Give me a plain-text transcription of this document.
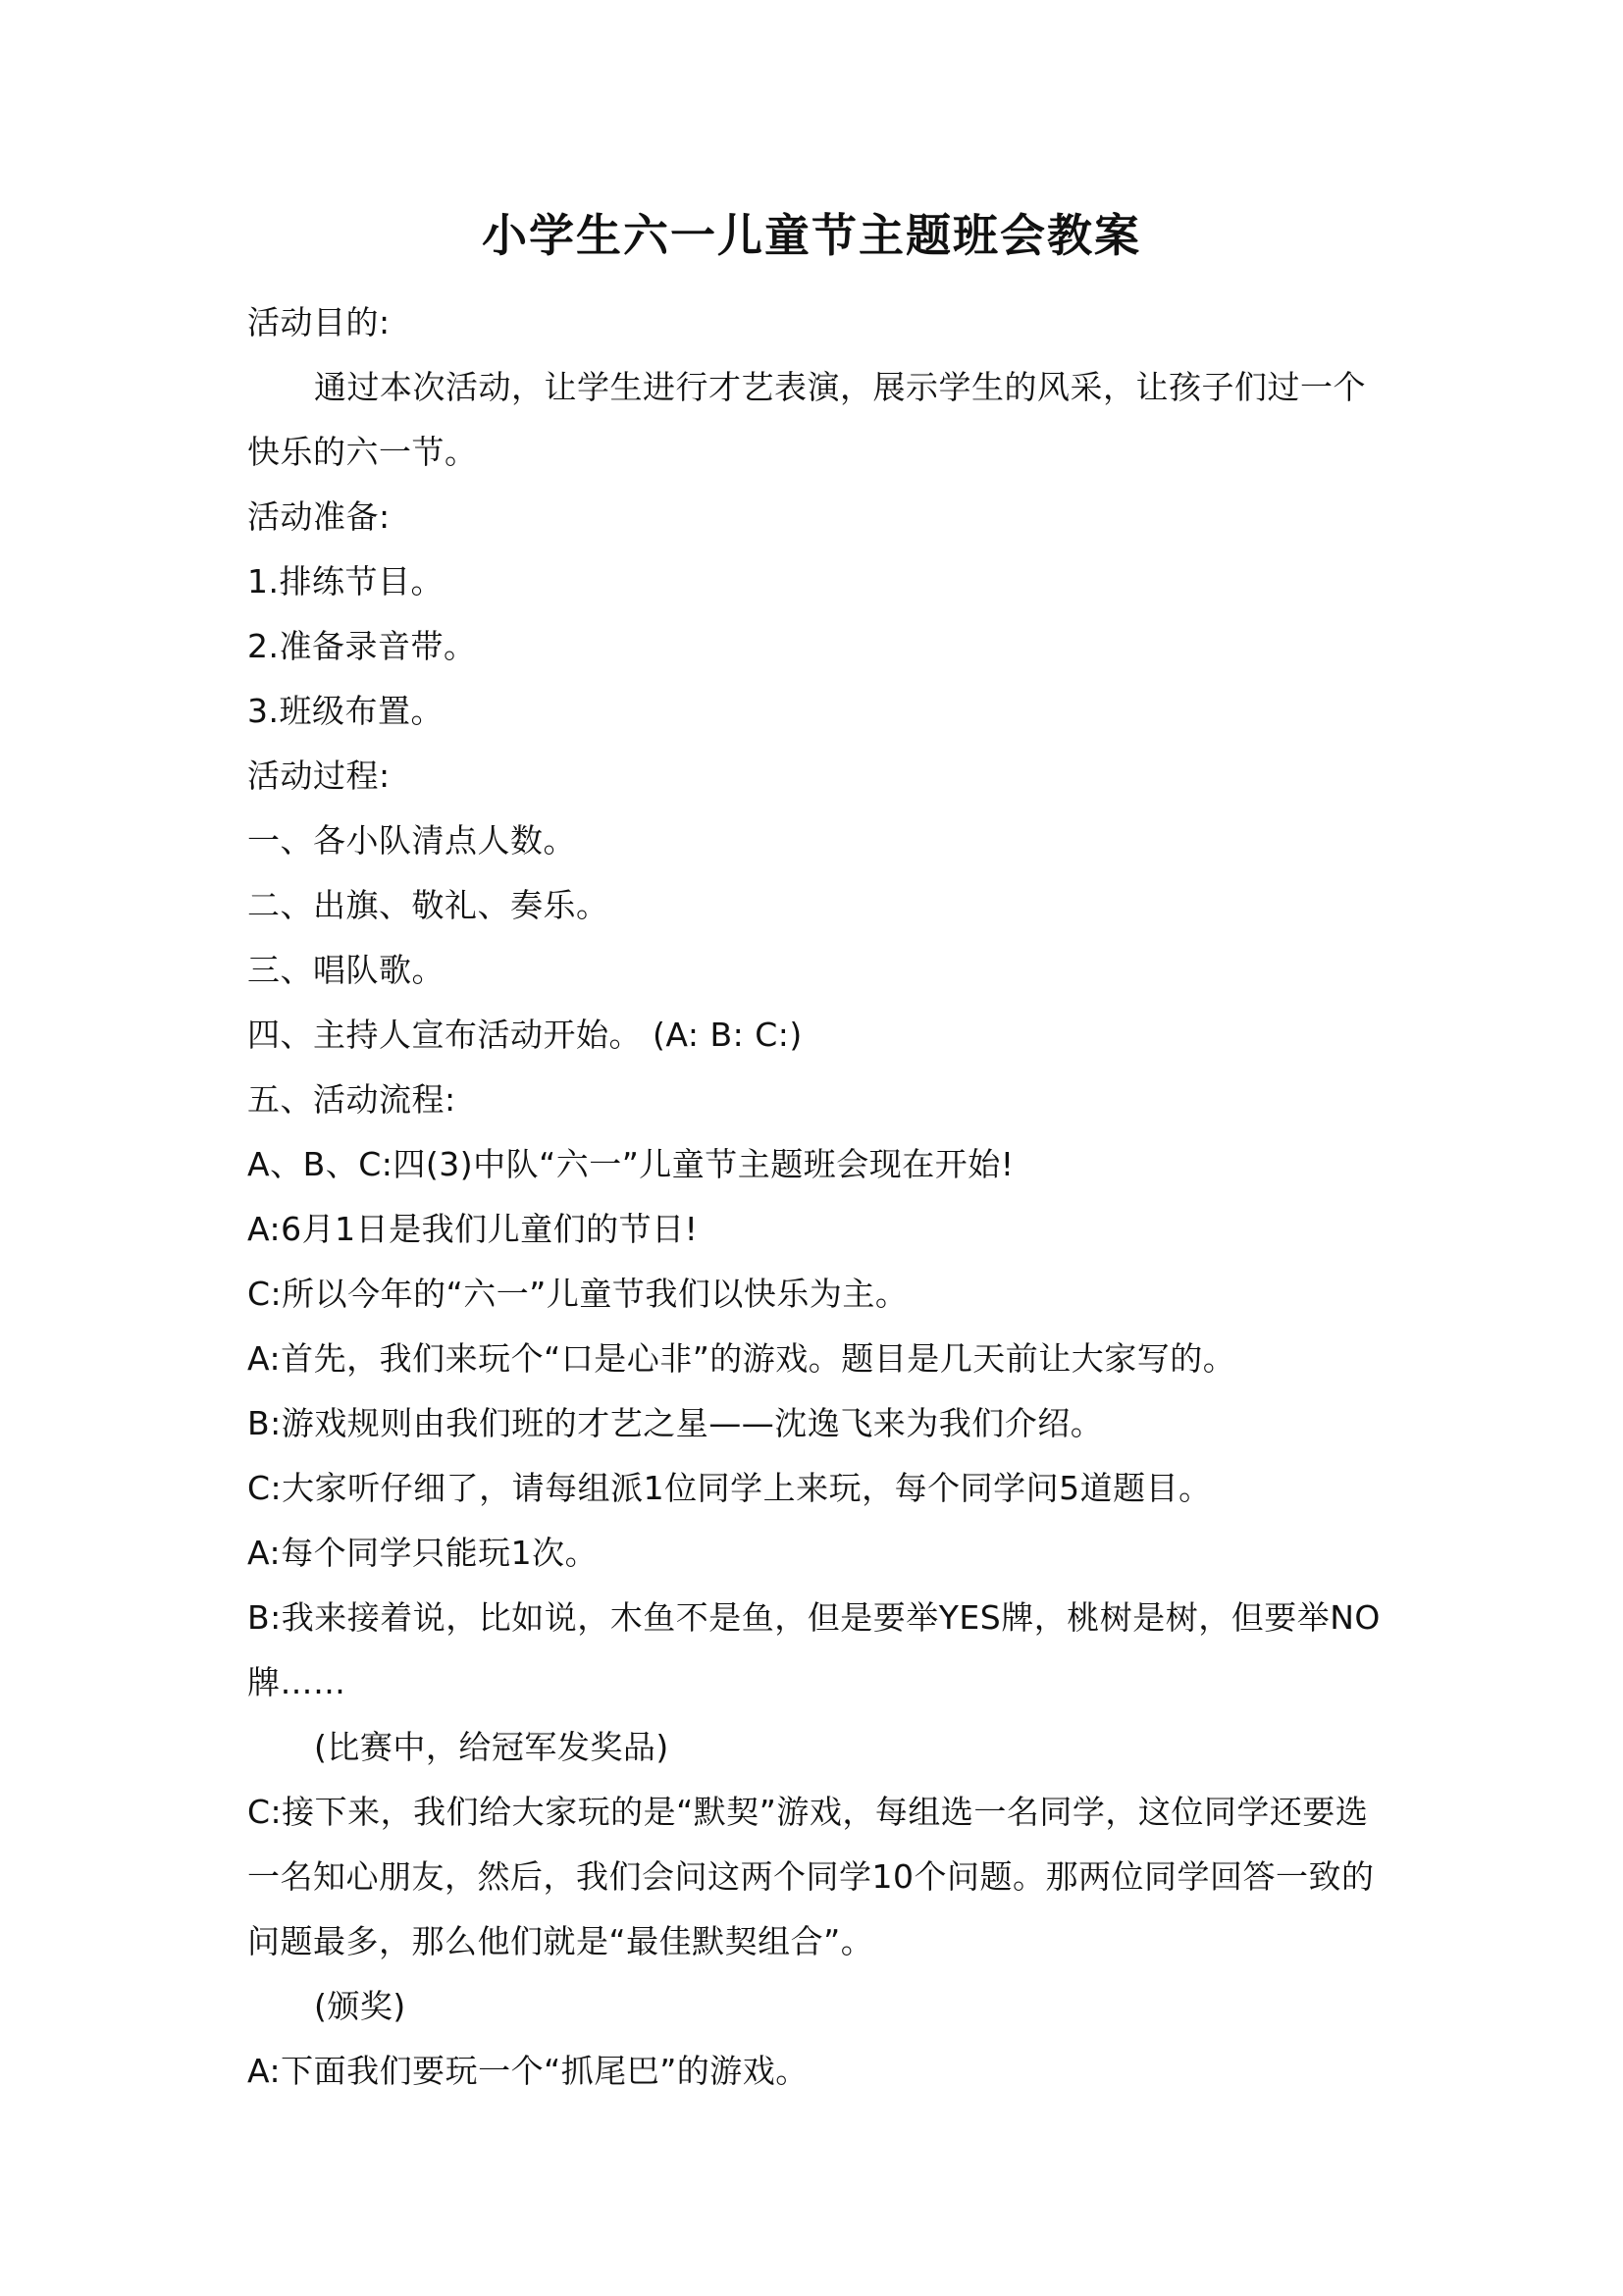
小学生六一儿童节主题班会教案

活动目的:

通过本次活动，让学生进行才艺表演，展示学生的风采，让孩子们过一个快乐的六一节。

活动准备:

1.排练节目。

2.准备录音带。

3.班级布置。

活动过程:

一、各小队清点人数。

二、出旗、敬礼、奏乐。

三、唱队歌。

四、主持人宣布活动开始。 (A: B: C:)

五、活动流程:

A、B、C:四(3)中队“六一”儿童节主题班会现在开始!

A:6月1日是我们儿童们的节日!

C:所以今年的“六一”儿童节我们以快乐为主。

A:首先，我们来玩个“口是心非”的游戏。题目是几天前让大家写的。

B:游戏规则由我们班的才艺之星——沈逸飞来为我们介绍。

C:大家听仔细了，请每组派1位同学上来玩，每个同学问5道题目。

A:每个同学只能玩1次。

B:我来接着说，比如说，木鱼不是鱼，但是要举YES牌，桃树是树，但要举NO牌……

(比赛中，给冠军发奖品)

C:接下来，我们给大家玩的是“默契”游戏，每组选一名同学，这位同学还要选一名知心朋友，然后，我们会问这两个同学10个问题。那两位同学回答一致的问题最多，那么他们就是“最佳默契组合”。

(颁奖)

A:下面我们要玩一个“抓尾巴”的游戏。
